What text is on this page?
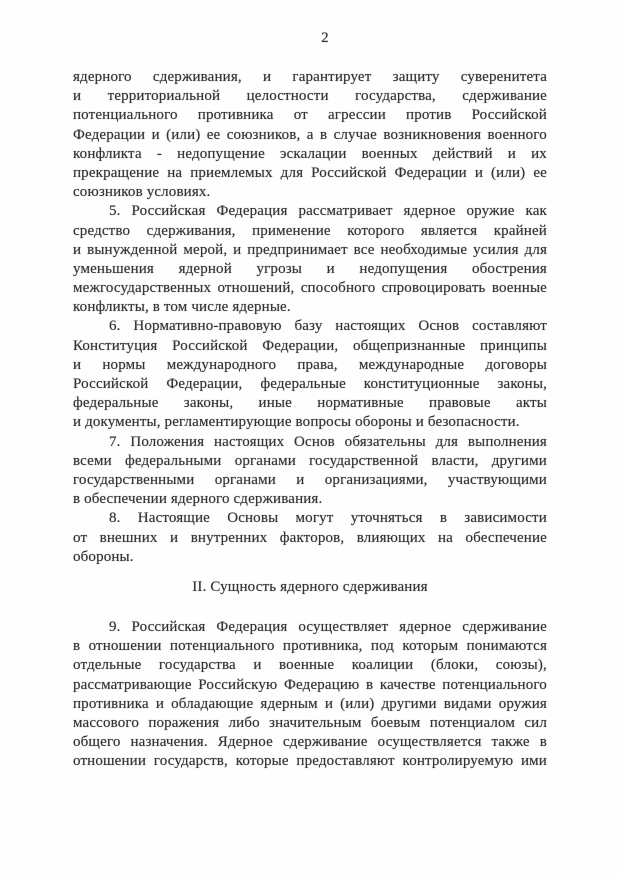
2
ядерного сдерживания, и гарантирует защиту суверенитета
и территориальной целостности государства, сдерживание
потенциального противника от агрессии против Российской
Федерации и (или) ее союзников, а в случае возникновения военного
конфликта - недопущение эскалации военных действий и их
прекращение на приемлемых для Российской Федерации и (или) ее
союзников условиях.
5. Российская Федерация рассматривает ядерное оружие как
средство сдерживания, применение которого является крайней
и вынужденной мерой, и предпринимает все необходимые усилия для
уменьшения ядерной угрозы и недопущения обострения
межгосударственных отношений, способного спровоцировать военные
конфликты, в том числе ядерные.
6. Нормативно-правовую базу настоящих Основ составляют
Конституция Российской Федерации, общепризнанные принципы
и нормы международного права, международные договоры
Российской Федерации, федеральные конституционные законы,
федеральные законы, иные нормативные правовые акты
и документы, регламентирующие вопросы обороны и безопасности.
7. Положения настоящих Основ обязательны для выполнения
всеми федеральными органами государственной власти, другими
государственными органами и организациями, участвующими
в обеспечении ядерного сдерживания.
8. Настоящие Основы могут уточняться в зависимости
от внешних и внутренних факторов, влияющих на обеспечение
обороны.
II. Сущность ядерного сдерживания
9. Российская Федерация осуществляет ядерное сдерживание
в отношении потенциального противника, под которым понимаются
отдельные государства и военные коалиции (блоки, союзы),
рассматривающие Российскую Федерацию в качестве потенциального
противника и обладающие ядерным и (или) другими видами оружия
массового поражения либо значительным боевым потенциалом сил
общего назначения. Ядерное сдерживание осуществляется также в
отношении государств, которые предоставляют контролируемую ими
